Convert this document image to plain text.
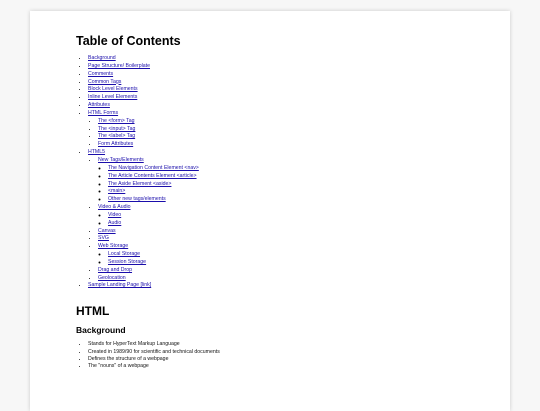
Table of Contents
• Background
• Page Structure/ Boilerplate
• Comments
• Common Tags
• Block Level Elements
• Inline Level Elements
• Attributes
• HTML Forms
• The <form> Tag
• The <input> Tag
• The <label> Tag
• Form Attributes
• HTML5
• New Tags/Elements
◦ The Navigation Content Element <nav>
◦ The Article Contents Element <article>
◦ The Aside Element <aside>
◦ <main>
◦ Other new tags/elements
• Video & Audio
◦ Video
◦ Audio
• Canvas
• SVG
• Web Storage
◦ Local Storage
◦ Session Storage
• Drag and Drop
• Geolocation
• Sample Landing Page [link]
HTML
Background
• Stands for HyperText Markup Language
• Created in 1989/90 for scientific and technical documents
• Defines the structure of a webpage
• The "nouns" of a webpage
